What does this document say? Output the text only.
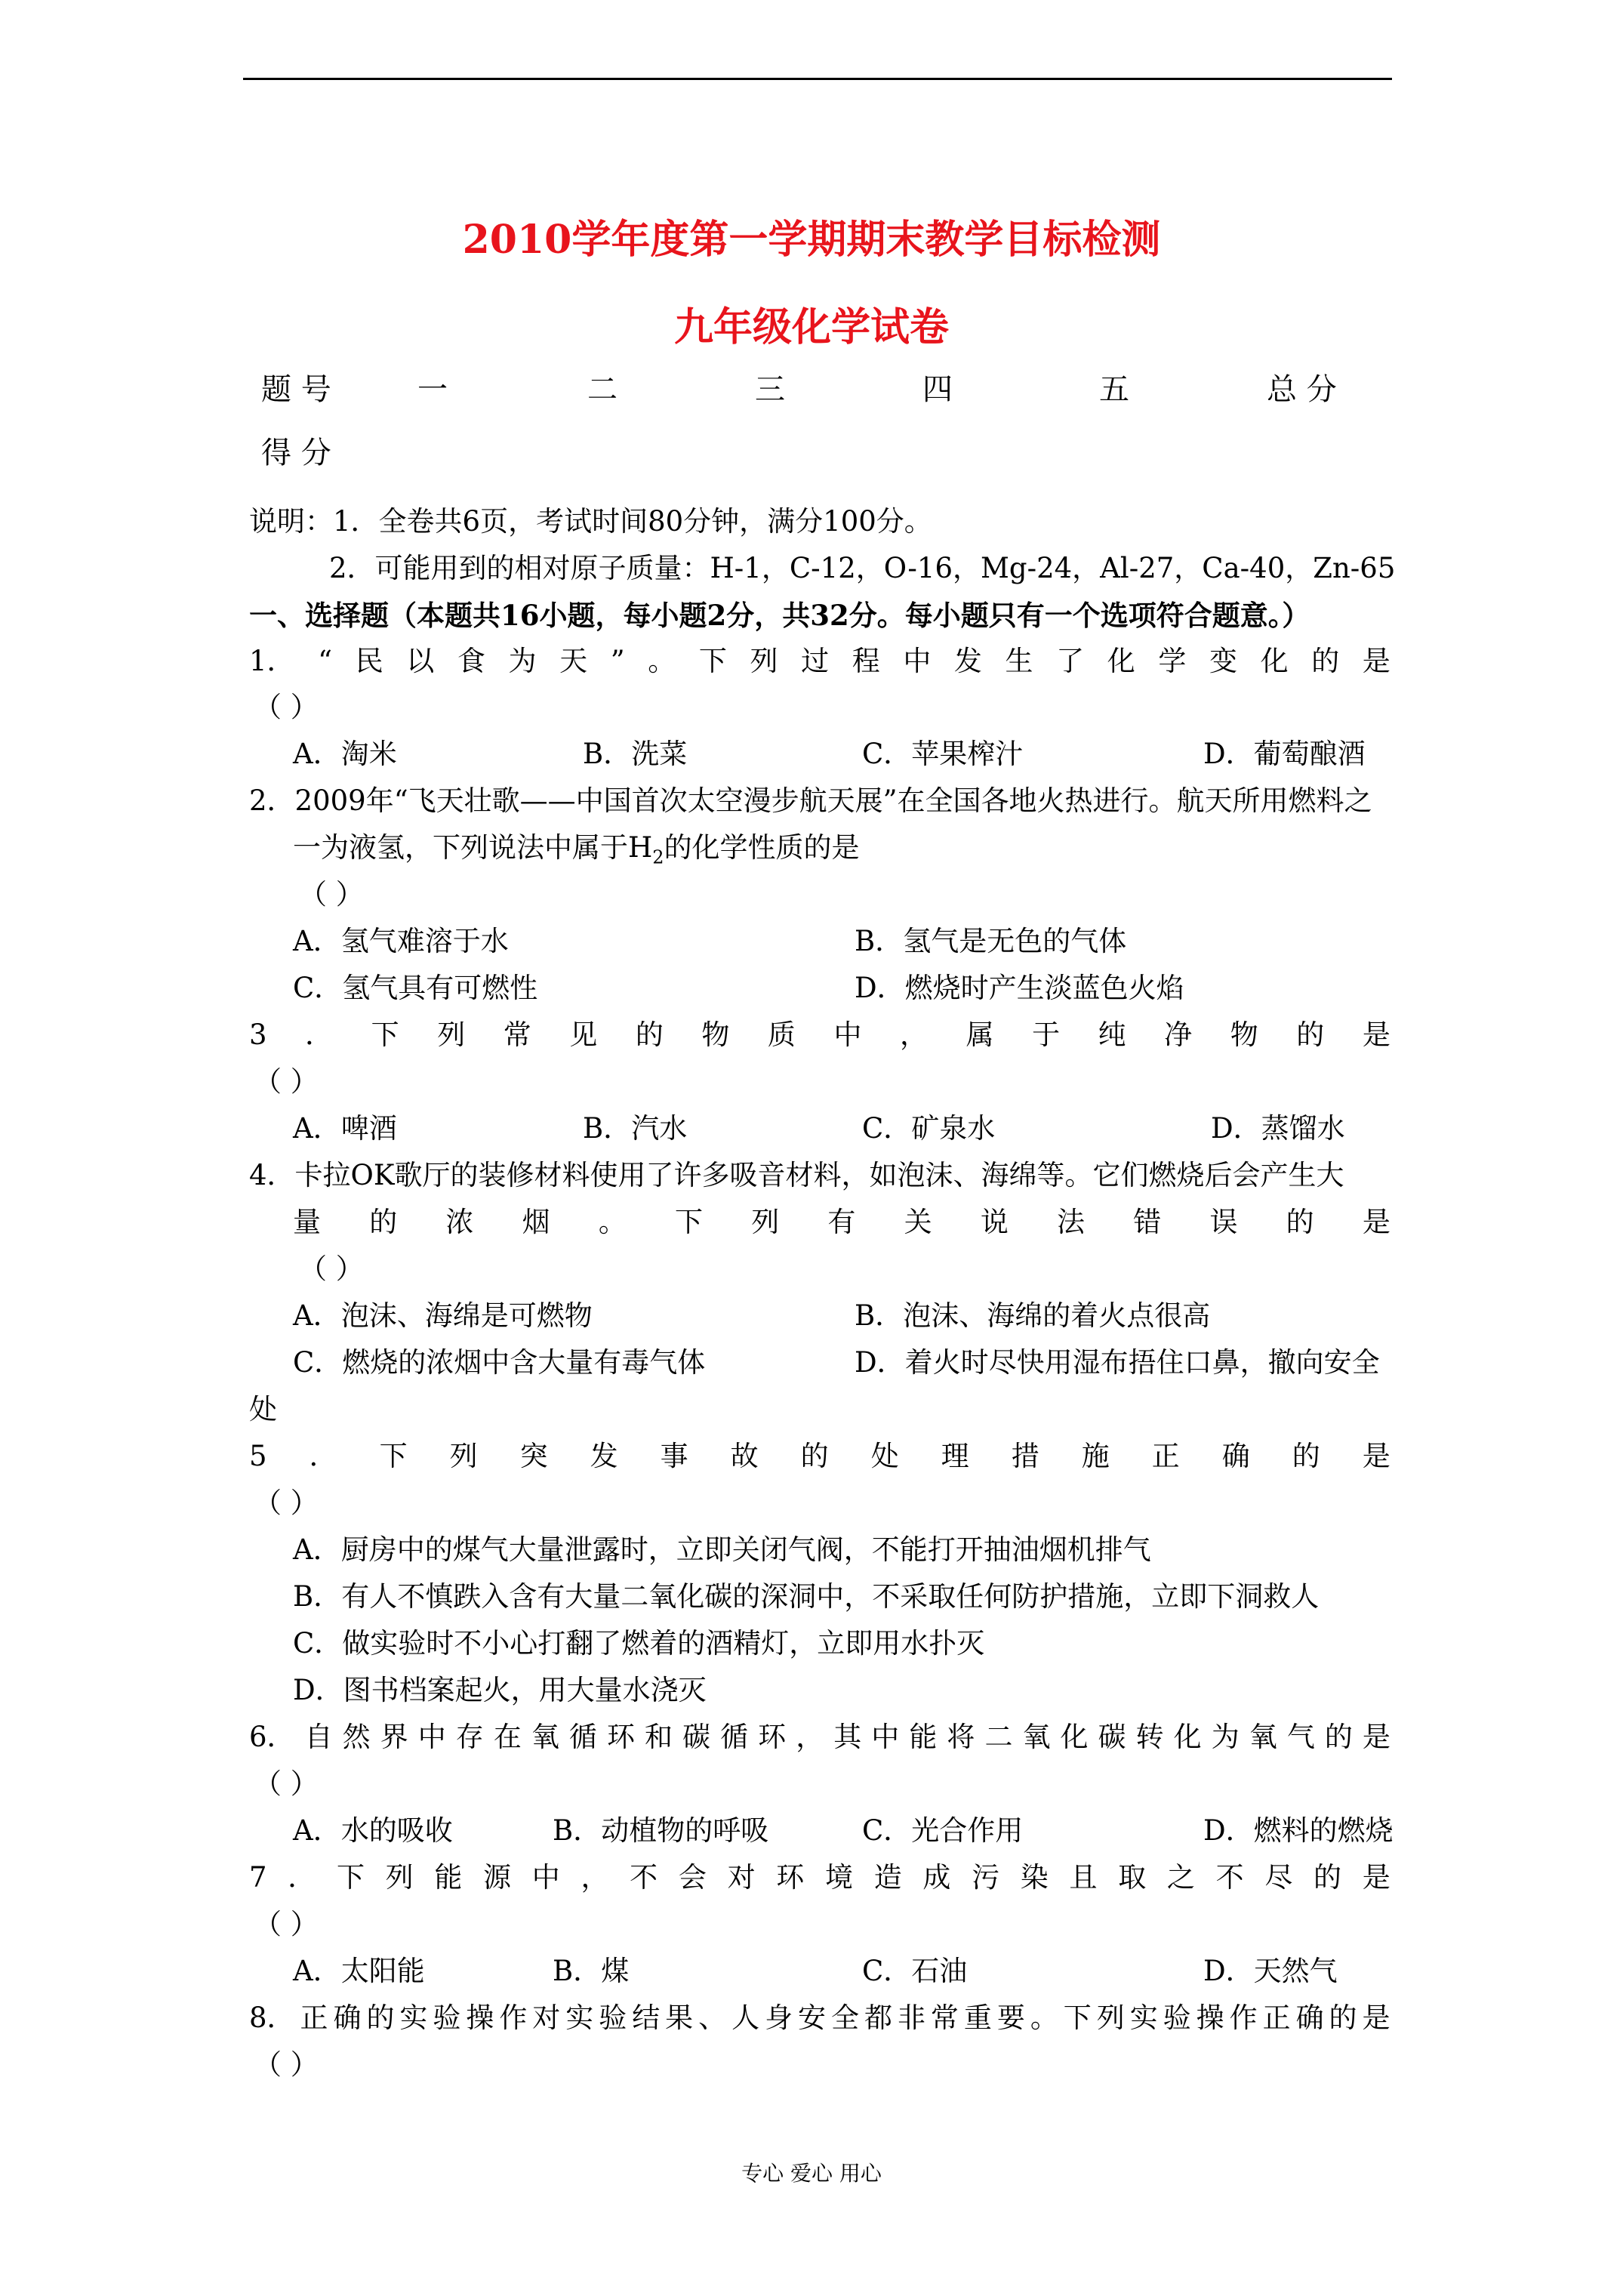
2010学年度第一学期期末教学目标检测
九年级化学试卷
题 号	一	二	三	四	五	总 分
得 分
说明：1．全卷共6页，考试时间80分钟，满分100分。
2．可能用到的相对原子质量：H-1，C-12，O-16，Mg-24，Al-27，Ca-40，Zn-65
一、选择题（本题共16小题，每小题2分，共32分。每小题只有一个选项符合题意。）
1． “ 民 以 食 为 天 ” 。 下 列 过 程 中 发 生 了 化 学 变 化 的 是
（ ）
A．淘米	B．洗菜	C．苹果榨汁	D．葡萄酿酒
2．2009年“飞天壮歌——中国首次太空漫步航天展”在全国各地火热进行。航天所用燃料之
一为液氢，下列说法中属于$H_2$的化学性质的是
（ ）
A．氢气难溶于水	B．氢气是无色的气体
C．氢气具有可燃性	D．燃烧时产生淡蓝色火焰
3 ． 下 列 常 见 的 物 质 中 ， 属 于 纯 净 物 的 是
（ ）
A．啤酒	B．汽水	C．矿泉水	D．蒸馏水
4．卡拉OK歌厅的装修材料使用了许多吸音材料，如泡沫、海绵等。它们燃烧后会产生大
量 的 浓 烟 。 下 列 有 关 说 法 错 误 的 是
（ ）
A．泡沫、海绵是可燃物	B．泡沫、海绵的着火点很高
C．燃烧的浓烟中含大量有毒气体	D．着火时尽快用湿布捂住口鼻，撤向安全
处
5 ． 下 列 突 发 事 故 的 处 理 措 施 正 确 的 是
（ ）
A．厨房中的煤气大量泄露时，立即关闭气阀，不能打开抽油烟机排气
B．有人不慎跌入含有大量二氧化碳的深洞中，不采取任何防护措施，立即下洞救人
C．做实验时不小心打翻了燃着的酒精灯，立即用水扑灭
D．图书档案起火，用大量水浇灭
6． 自 然 界 中 存 在 氧 循 环 和 碳 循 环 ， 其 中 能 将 二 氧 化 碳 转 化 为 氧 气 的 是
（ ）
A．水的吸收	B．动植物的呼吸	C．光合作用	D．燃料的燃烧
7 ． 下 列 能 源 中 ， 不 会 对 环 境 造 成 污 染 且 取 之 不 尽 的 是
（ ）
A．太阳能	B．煤	C．石油	D．天然气
8． 正 确 的 实 验 操 作 对 实 验 结 果 、 人 身 安 全 都 非 常 重 要 。 下 列 实 验 操 作 正 确 的 是
（ ）
专心 爱心 用心
